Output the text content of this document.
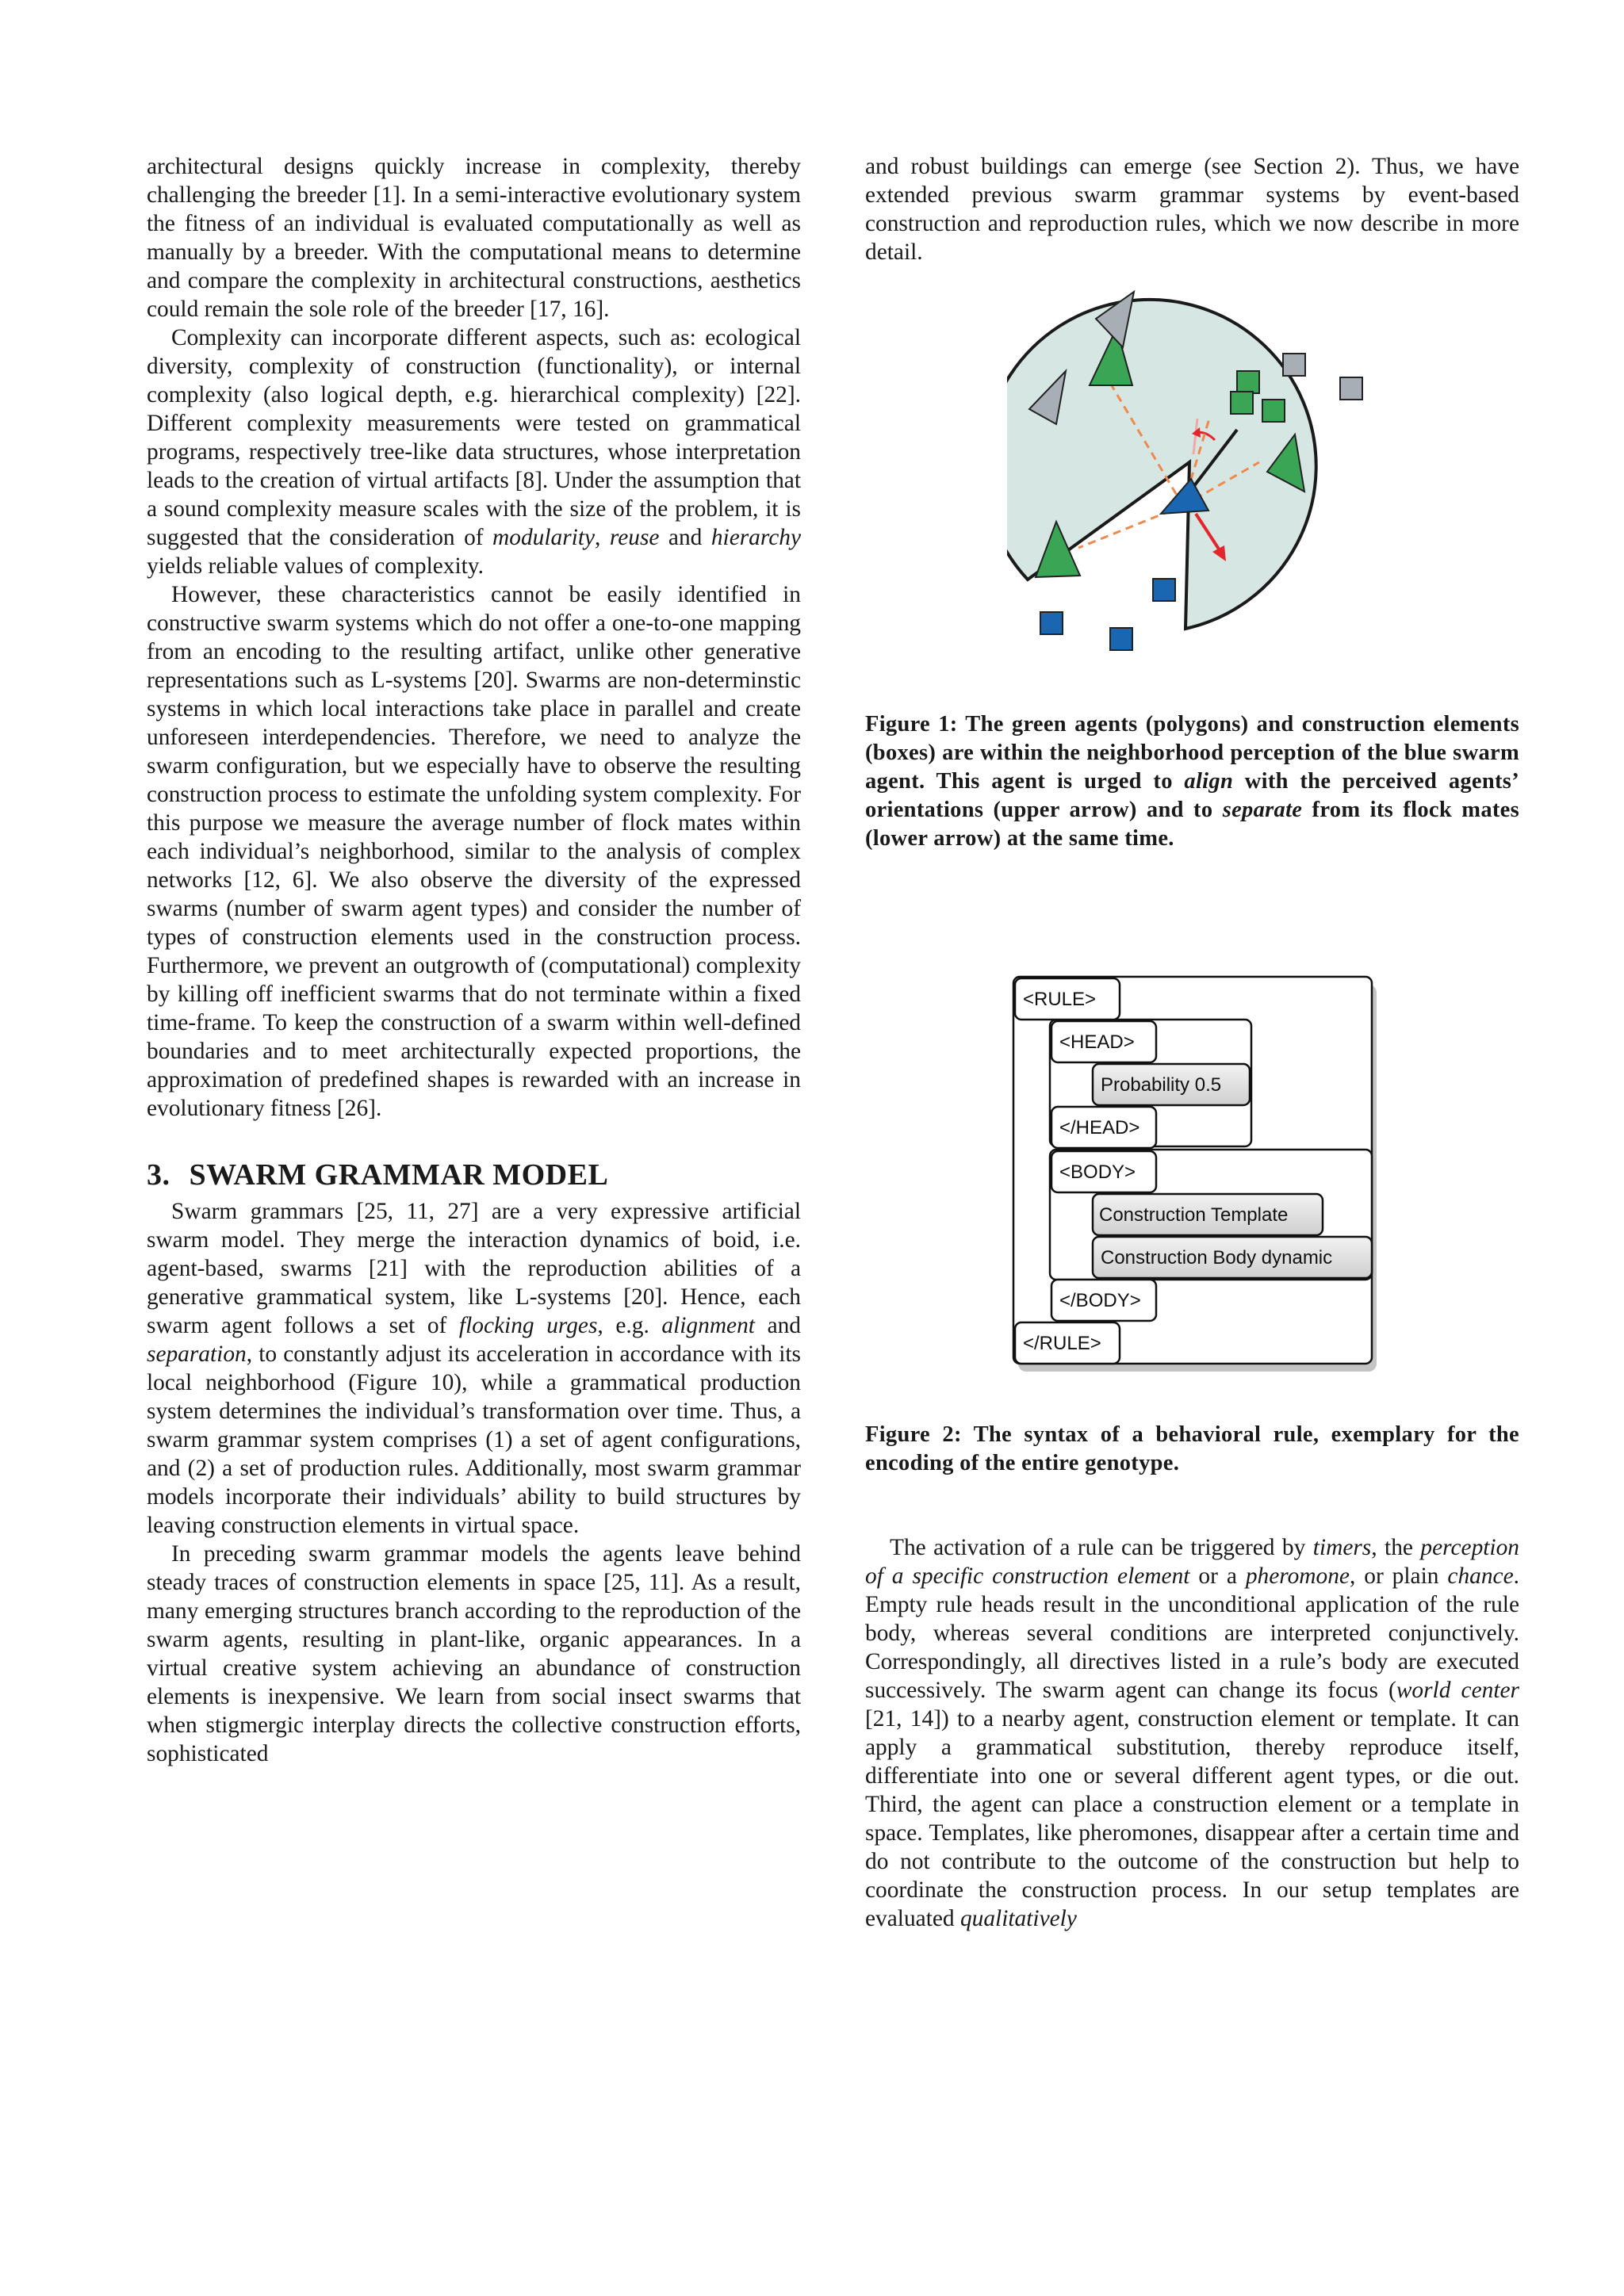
architectural designs quickly increase in complexity, thereby challenging the breeder [1]. In a semi-interactive evolutionary system the fitness of an individual is evaluated computationally as well as manually by a breeder. With the computational means to determine and compare the complexity in architectural constructions, aesthetics could remain the sole role of the breeder [17, 16].

Complexity can incorporate different aspects, such as: ecological diversity, complexity of construction (functionality), or internal complexity (also logical depth, e.g. hierarchical complexity) [22]. Different complexity measurements were tested on grammatical programs, respectively tree-like data structures, whose interpretation leads to the creation of virtual artifacts [8]. Under the assumption that a sound complexity measure scales with the size of the problem, it is suggested that the consideration of modularity, reuse and hierarchy yields reliable values of complexity.

However, these characteristics cannot be easily identified in constructive swarm systems which do not offer a one-to-one mapping from an encoding to the resulting artifact, unlike other generative representations such as L-systems [20]. Swarms are non-determinstic systems in which local interactions take place in parallel and create unforeseen interdependencies. Therefore, we need to analyze the swarm configuration, but we especially have to observe the resulting construction process to estimate the unfolding system complexity. For this purpose we measure the average number of flock mates within each individual’s neighborhood, similar to the analysis of complex networks [12, 6]. We also observe the diversity of the expressed swarms (number of swarm agent types) and consider the number of types of construction elements used in the construction process. Furthermore, we prevent an outgrowth of (computational) complexity by killing off inefficient swarms that do not terminate within a fixed time-frame. To keep the construction of a swarm within well-defined boundaries and to meet architecturally expected proportions, the approximation of predefined shapes is rewarded with an increase in evolutionary fitness [26].

3. SWARM GRAMMAR MODEL

Swarm grammars [25, 11, 27] are a very expressive artificial swarm model. They merge the interaction dynamics of boid, i.e. agent-based, swarms [21] with the reproduction abilities of a generative grammatical system, like L-systems [20]. Hence, each swarm agent follows a set of flocking urges, e.g. alignment and separation, to constantly adjust its acceleration in accordance with its local neighborhood (Figure 10), while a grammatical production system determines the individual’s transformation over time. Thus, a swarm grammar system comprises (1) a set of agent configurations, and (2) a set of production rules. Additionally, most swarm grammar models incorporate their individuals’ ability to build structures by leaving construction elements in virtual space.

In preceding swarm grammar models the agents leave behind steady traces of construction elements in space [25, 11]. As a result, many emerging structures branch according to the reproduction of the swarm agents, resulting in plant-like, organic appearances. In a virtual creative system achieving an abundance of construction elements is inexpensive. We learn from social insect swarms that when stigmergic interplay directs the collective construction efforts, sophisticated

and robust buildings can emerge (see Section 2). Thus, we have extended previous swarm grammar systems by event-based construction and reproduction rules, which we now describe in more detail.

Figure 1: The green agents (polygons) and construction elements (boxes) are within the neighborhood perception of the blue swarm agent. This agent is urged to align with the perceived agents’ orientations (upper arrow) and to separate from its flock mates (lower arrow) at the same time.
<RULE>
<HEAD>
Probability 0.5
</HEAD>
<BODY>
Construction Template
Construction Body dynamic
</BODY>
</RULE>
Figure 2: The syntax of a behavioral rule, exemplary for the encoding of the entire genotype.

The activation of a rule can be triggered by timers, the perception of a specific construction element or a pheromone, or plain chance. Empty rule heads result in the unconditional application of the rule body, whereas several conditions are interpreted conjunctively. Correspondingly, all directives listed in a rule’s body are executed successively. The swarm agent can change its focus (world center [21, 14]) to a nearby agent, construction element or template. It can apply a grammatical substitution, thereby reproduce itself, differentiate into one or several different agent types, or die out. Third, the agent can place a construction element or a template in space. Templates, like pheromones, disappear after a certain time and do not contribute to the outcome of the construction but help to coordinate the construction process. In our setup templates are evaluated qualitatively
